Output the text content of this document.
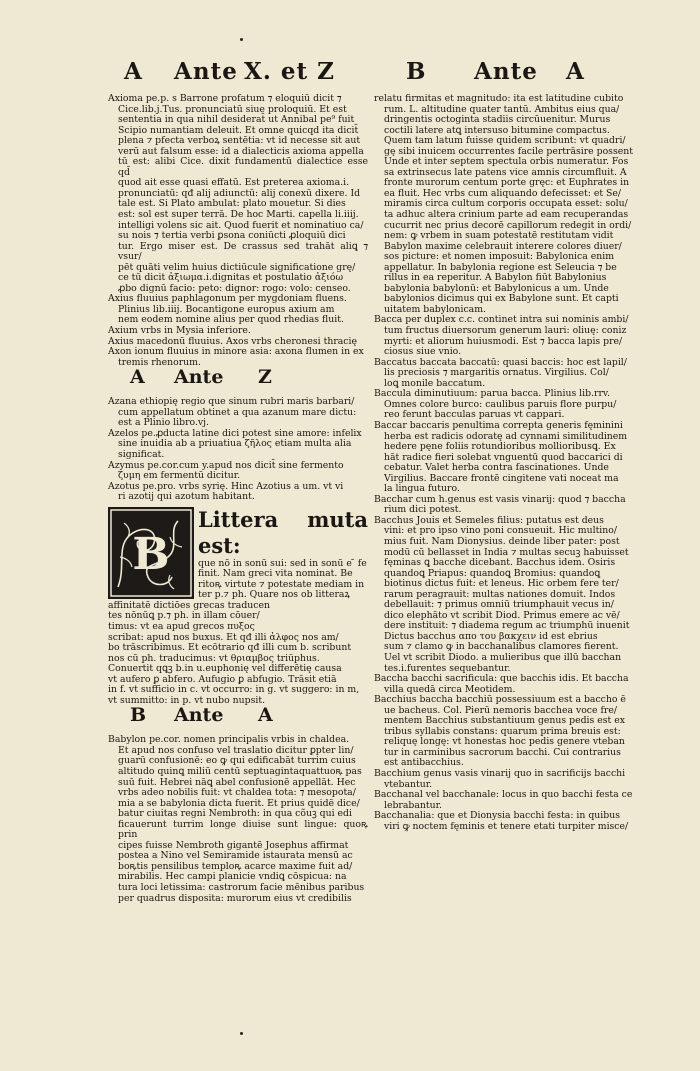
A Ante X. et Z	B Ante A

Axioma pe.p. s Barrone profatum ⁊ eloquiū dicit ⁊

Cice.lib.j.Tus. pronunciatū siue proloquiū. Et est

sententia in qua nihil desiderat̄ ut Annibal pe⁹ fuit

Scipio numantiam deleuit. Et omne quicqd ita dicit̄

plena ⁊ pfecta verboꝝ sentētia: vt id necesse sit aut

verū aut falsum esse: id a dialecticis axioma appella

tū est: alibi Cice. dixit fundamentū dialectice esse qd̄

quod ait esse quasi effatū. Est preterea axioma.i.

pronunciatū: qđ alij adiunctū: alij conexū dixere. Id

tale est. Si Plato ambulat: plato mouetur. Si dies

est: sol est super terrā. De hoc Marti. capella li.iiij.

intelligi volens sic ait. Quod fuerit et nominatiuo ca/

su nois ⁊ tertia verbi ꝑsona coniūcti ꝓloquiū dici

tur. Ergo miser est. De crassus sed trahāt aliꝗ ⁊ vsur/

pēt quāti velim huius dictiūcule significatione grę/

ce tū dicit ἀξιωμα.i.dignitas et postulatio ἀξιόω

ꝓbo dignū facio: peto: dignor: rogo: volo: censeo.

Axius fluuius paphlagonum per mygdoniam fluens.

Plinius lib.iiij. Bocantigone europus axium am

nem eodem nomine alius per quod rhedias fluit.

Axium vrbs in Mysia inferiore.

Axius macedonū fluuius. Axos vrbs cheronesi thracię

Axon ionum fluuius in minore asia: axona flumen in ex

tremis rhenorum.

A Ante Z

Azana ethiopię regio que sinum rubri maris barbari/

cum appellatum obtinet a qua azanum mare dictu:

est a Plinio libro.vj.

Azelos pe.ꝓducta latine dici potest sine amore: infelix

sine inuidia ab a priuatiua ζῆλος etiam multa alia

significat.

Azymus pe.cor.cum y.apud nos dicit̄ sine fermento

ζυμη em fermentū dicitur.

Azotus pe.pro. vrbs syrię. Hinc Azotius a um. vt vi

ri azotij qui azotum habitant.

B

Littera muta est:

que nō in sonū sui: sed in sonū e ̄ fe

finit. Nam greci vita nominat. Be

ritoꝶ virtute ⁊ potestate mediam in

ter p.⁊ ph. Quare nos ob litteraꝝ

affinitatē dictiōes grecas traducen

tes nōnūꝗ p.⁊ ph. in illam cōuer/

timus: vt ea apud grecos πυξος

scribat: apud nos buxus. Et qđ illi ἀλφος nos am/

bo trāscribimus. Et ecōtrario qđ illi cum b. scribunt

nos cū ph. traducimus: vt θριαμβος triūphus.

Conuertit qꝗꝫ b.in u.euphonię vel differētię causa

vt aufero ꝑ abfero. Aufugio ꝑ abfugio. Trāsit etiā

in f. vt sufficio in c. vt occurro: in g. vt suggero: in m,

vt summitto: in p. vt nubo nupsit.

B Ante A

Babylon pe.cor. nomen principalis vrbis in chaldea.

Et apud nos confuso vel traslatio dicitur ꝑpter lin/

guarū confusionē: eo ꝙ qui edificabāt turrim cuius

altitudo quinꝗ miliū centū septuagintaquattuoꝶ pas

suū fuit. Hebrei nāꝗ abel confusionē appellāt. Hec

vrbs adeo nobilis fuit: vt chaldea tota: ⁊ mesopota/

mia a se babylonia dicta fuerit. Et prius quidē dice/

batur ciuitas regni Nembroth: in qua cõuꝫ qui edi

ficauerunt turrim longe diuise sunt lingue: quoꝶ prin

cipes fuisse Nembroth gigantē Josephus affirmat

postea a Nino vel Semiramide istaurata mensū ac

boꝶtis pensilibus temploꝶ acarce maxime fuit ad/

mirabilis. Hec campi planicie vndiꝗ cōspicua: na

tura loci letissima: castrorum facie mēnibus paribus

per quadrus disposita: murorum eius vt credibilis

relatu firmitas et magnitudo: ita est latitudine cubito

rum. L. altitudine quater tantū. Ambitus eius qua/

dringentis octoginta stadiis circūuenitur. Murus

coctili latere atꝗ intersuso bitumine compactus.

Quem tam latum fuisse quidem scribunt: vt quadri/

gę sibi inuicem occurrentes facile pertrāsire possent

Unde et inter septem spectula orbis numeratur. Fos

sa extrinsecus late patens vice amnis circumfluit. A

fronte murorum centum porte gręc: et Euphrates in

ea fluit. Hec vrbs cum aliquando defecisset: et Se/

miramis circa cultum corporis occupata esset: solu/

ta adhuc altera crinium parte ad eam recuperandas

cucurrit nec prius decorē capillorum redegit in ordi/

nem: ꝙ vrbem in suam potestatē restitutam vidit

Babylon maxime celebrauit interere colores diuer/

sos picture: et nomen imposuit: Babylonica enim

appellatur. In babylonia regione est Seleucia ⁊ be

rillus in ea reperitur. A Babylon fiūt Babylonius

babylonia babylonū: et Babylonicus a um. Unde

babylonios dicimus qui ex Babylone sunt. Et capti

uitatem babylonicam.

Bacca per duplex c.c. continet intra sui nominis ambi/

tum fructus diuersorum generum lauri: oliuę: coniz

myrti: et aliorum huiusmodi. Est ⁊ bacca lapis pre/

ciosus siue vnio.

Baccatus baccata baccatū: quasi baccis: hoc est lapil/

lis preciosis ⁊ margaritis ornatus. Virgilius. Col/

loꝗ monile baccatum.

Baccula diminutiuum: parua bacca. Plinius lib.rrv.

Omnes colore burco: caulibus paruis flore purpu/

reo ferunt bacculas paruas vt cappari.

Baccar baccaris penultima correpta generis fęminini

herba est radicis odoratę ad cynnami similitudinem

hedere pęne foliis rotundioribus mollioribusꝗ. Ex

hāt radice fieri solebat vnguentū quod baccarici di

cebatur. Valet herba contra fascinationes. Unde

Virgilius. Baccare frontē cingitene vati noceat ma

la lingua futuro.

Bacchar cum h.genus est vasis vinarij: quod ⁊ baccha

rium dici potest.

Bacchus Jouis et Semeles filius: putatus est deus

vini: et pro ipso vino poni consueuit. Hic multino/

mius fuit. Nam Dionysius. deinde liber pater: post

modū cū bellasset in India ⁊ multas secuꝫ habuisset

fęminas ꝗ bacche dicebant. Bacchus idem. Osiris

quandoꝗ Priapus: quandoꝗ Bromius: quandoꝗ

biotinus dictus fuit: et leneus. Hic orbem fere ter/

rarum peragrauit: multas nationes domuit. Indos

debellauit: ⁊ primus omniū triumphauit vecus in/

dico elephāto vt scribit Diod. Primus emere ac vē/

dere instituit: ⁊ diadema regum ac triumphū inuenit

Dictus bacchus απο του βακχειν id est ebrius

sum ⁊ clamo ꝙ in bacchanalibus clamores fierent.

Uel vt scribit Diodo. a mulieribus que illū bacchan

tes.i.furentes sequebantur.

Baccha bacchi sacrificula: que bacchis idis. Et baccha

villa quedā circa Meotidem.

Bacchius baccha bacchiū possessiuum est a baccho ē

ue bacheus. Col. Pierū nemoris bacchea voce fre/

mentem Bacchius substantiuum genus pedis est ex

tribus syllabis constans: quarum prima breuis est:

reliquę longę: vt honestas hoc pedis genere vteban

tur in carminibus sacrorum bacchi. Cui contrarius

est antibacchius.

Bacchium genus vasis vinarij quo in sacrificijs bacchi

vtebantur.

Bacchanal vel bacchanale: locus in quo bacchi festa ce

lebrabantur.

Bacchanalia: que et Dionysia bacchi festa: in quibus

viri ꝙ noctem fęminis et tenere etati turpiter misce/
